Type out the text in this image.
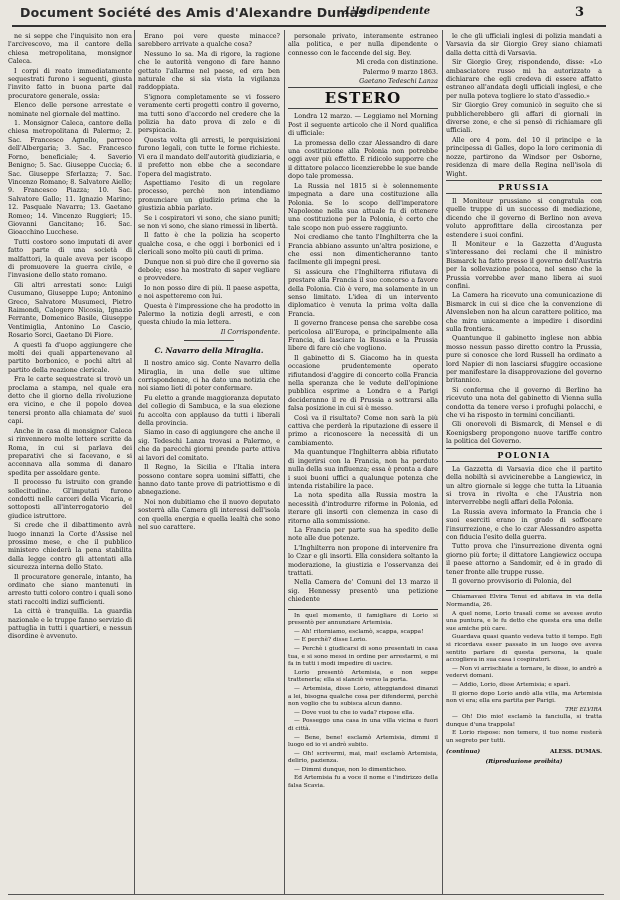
Document Société des Amis d'Alexandre Dumas
L'Indipendente	3

ne si seppe che l'inquisito non era l'arcivescovo, ma il cantore della chiesa metropolitana, monsignor Caleca.

I corpi di reato immediatamente sequestrati furono i seguenti, giusta l'invito fatto in buona parte dal procuratore generale, ossia:

Elenco delle persone arrestate e nominate nel giornale del mattino.

1. Monsignor Caleca, cantore della chiesa metropolitana di Palermo; 2. Sac. Francesco Agnello, parroco dell'Albergaria; 3. Sac. Francesco Forno, beneficiale; 4. Saverio Benigno; 5. Sac. Giuseppe Cuccia; 6. Sac. Giuseppe Sferlazza; 7. Sac. Vincenzo Romano; 8. Salvatore Aiello; 9. Francesco Piazza; 10. Sac. Salvatore Gallo; 11. Ignazio Marino; 12. Pasquale Navarra; 13. Gaetano Romeo; 14. Vincenzo Ruggieri; 15. Giovanni Gancitano; 16. Sac. Gioacchino Lucchese.

Tutti costoro sono imputati di aver fatto parte di una società di malfattori, la quale aveva per iscopo di promuovere la guerra civile, e l'invasione dello stato romano.

Gli altri arrestati sono: Luigi Cusumano, Giuseppe Lupo; Antonino Greco, Salvatore Musumeci, Pietro Raimondi, Calogero Nicosia, Ignazio Ferrante, Domenico Basile, Giuseppe Ventimiglia, Antonino Lo Cascio, Rosario Sorci, Gaetano Di Fiore.

A questi fa d'uopo aggiungere che molti dei quali appartenevano al partito borbonico, e pochi altri al partito della reazione clericale.

Fra le carte sequestrate si trovò un proclama a stampa, nel quale era detto che il giorno della rivoluzione era vicino, e che il popolo dovea tenersi pronto alla chiamata de' suoi capi.

Anche in casa di monsignor Caleca si rinvennero molte lettere scritte da Roma, in cui si parlava dei preparativi che si facevano, e si accennava alla somma di danaro spedita per assoldare gente.

Il processo fu istruito con grande sollecitudine. Gl'imputati furono condotti nelle carceri della Vicaria, e sottoposti all'interrogatorio del giudice istruttore.

Si crede che il dibattimento avrà luogo innanzi la Corte d'Assise nel prossimo mese, e che il pubblico ministero chiederà la pena stabilita dalla legge contro gli attentati alla sicurezza interna dello Stato.

Il procuratore generale, intanto, ha ordinato che siano mantenuti in arresto tutti coloro contro i quali sono stati raccolti indizi sufficienti.

La città è tranquilla. La guardia nazionale e le truppe fanno servizio di pattuglia in tutti i quartieri, e nessun disordine è avvenuto.

Erano poi vere queste minacce? sarebbero arrivate a qualche cosa?

Nessuno lo sa. Ma di rigore, la ragione che le autorità vengono di fare hanno gettato l'allarme nel paese, ed era ben naturale che si sia vista la vigilanza raddoppiata.

S'ignora completamente se vi fossero veramente certi progetti contro il governo, ma tutti sono d'accordo nel credere che la polizia ha dato prova di zelo e di perspicacia.

Questa volta gli arresti, le perquisizioni furono legali, con tutte le forme richieste. Vi era il mandato dell'autorità giudiziaria, e il prefetto non ebbe che a secondare l'opera del magistrato.

Aspettiamo l'esito di un regolare processo, perchè non intendiamo pronunciare un giudizio prima che la giustizia abbia parlato.

Se i cospiratori vi sono, che siano puniti; se non vi sono, che siano rimessi in libertà.

Il fatto è che la polizia ha scoperto qualche cosa, e che oggi i borbonici ed i clericali sono molto più cauti di prima.

Dunque non si può dire che il governo sia debole; esso ha mostrato di saper vegliare e provvedere.

Io non posso dire di più. Il paese aspetta, e noi aspetteremo con lui.

Questa è l'impressione che ha prodotto in Palermo la notizia degli arresti, e con questa chiudo la mia lettera.

Il Corrispondente.
C. Navarro della Miraglia.

Il nostro amico sig. Conte Navarro della Miraglia, in una delle sue ultime corrispondenze, ci ha dato una notizia che noi siamo lieti di poter confermare.

Fu eletto a grande maggioranza deputato del collegio di Sambuca, e la sua elezione fu accolta con applauso da tutti i liberali della provincia.

Siamo in caso di aggiungere che anche il sig. Tedeschi Lanza trovasi a Palermo, e che da parecchi giorni prende parte attiva ai lavori del comitato.

Il Regno, la Sicilia e l'Italia intera possono contare sopra uomini siffatti, che hanno dato tante prove di patriottismo e di abnegazione.

Noi non dubitiamo che il nuovo deputato sosterrà alla Camera gli interessi dell'isola con quella energia e quella lealtà che sono nel suo carattere.

personale privato, interamente estraneo alla politica, e per nulla dipendente o connesso con le faccende del sig. Bey.

Mi creda con distinzione.

Palermo 9 marzo 1863.

Gaetano Tedeschi Lanza
ESTERO

Londra 12 marzo. — Leggiamo nel Morning Post il seguente articolo che il Nord qualifica di ufficiale:

La promessa dello czar Alessandro di dare una costituzione alla Polonia non potrebbe oggi aver più effetto. È ridicolo supporre che il dittatore polacco licenzierebbe le sue bande dopo tale promessa.

La Russia nel 1815 si è solennemente impegnata a dare una costituzione alla Polonia. Se lo scopo dell'imperatore Napoleone nella sua attuale fu di ottenere una costituzione per la Polonia, è certo che tale scopo non può essere raggiunto.

Noi crediamo che tanto l'Inghilterra che la Francia abbiano assunto un'altra posizione, e che essi non dimenticheranno tanto facilmente gli impegni presi.

Si assicura che l'Inghilterra rifiutava di prestare alla Francia il suo concorso a favore della Polonia. Ciò è vero, ma solamente in un senso limitato. L'idea di un intervento diplomatico è venuta la prima volta dalla Francia.

Il governo francese pensa che sarebbe cosa pericolosa all'Europa, e principalmente alla Francia, di lasciare la Russia e la Prussia libere di fare ciò che vogliono.

Il gabinetto di S. Giacomo ha in questa occasione prudentemente operato rifiutandosi d'aggire di concerto colla Francia nella speranza che le vedute dell'opinione pubblica esprime a Londra e a Parigi decideranno il re di Prussia a sottrarsi alla falsa posizione in cui si è messo.

Così va il risultato? Come non sarà la più cattiva che perderà la riputazione di essere il primo a riconoscere la necessità di un cambiamento.

Ma quantunque l'Inghilterra abbia rifiutato di ingerirsi con la Francia, non ha perduto nulla della sua influenza; essa è pronta a dare i suoi buoni uffici a qualunque potenza che intenda ristabilire la pace.

La nota spedita alla Russia mostra la necessità d'introdurre riforme in Polonia, ed iterare gli insorti con clemenza in caso di ritorno alla sommissione.

La Francia per parte sua ha spedito delle note alle due potenze.

L'Inghilterra non propone di intervenire fra lo Czar e gli insorti. Ella considera soltanto la moderazione, la giustizia e l'osservanza dei trattati.

Nella Camera de' Comuni del 13 marzo il sig. Hennessy presentò una petizione chiedente

In quel momento, il famigliare di Lorio si presentò per annunziare Artemisia.

— Ah! ritorniamo, esclamò, scappa, scappa!

— E perchè? disse Lorio.

— Perchè i giudicarsi di sono presentati in casa tua, e si sono messi in ordine per arrestarmi, e mi fa in tutti i modi impedire di uscire.

Lorio presentò Artemisia, e non seppe trattenerla; ella si slanciò verso la porta.

— Artemisia, disse Lorio, atteggiandosi dinanzi a lei, bisogna qualche cosa per difendermi, perchè non voglio che tu subisca alcun danno.

— Dove vuoi tu che io vada? rispose ella.

— Posseggo una casa in una villa vicina e fuori di città.

— Bene, bene! esclamò Artemisia, dimmi il luogo ed io vi andrò subito.

— Oh! scrivermi, mai, mai! esclamò Artemisia, delirio, pazienza.

— Dimmi dunque, non lo dimenticheo.

Ed Artemisia fu a voce il nome e l'indirizzo della falsa Scavia.

le che gli ufficiali inglesi di polizia mandati a Varsavia da sir Giorgio Grey siano chiamati dalla detta città di Varsavia.

Sir Giorgio Grey, rispondendo, disse: «Lo ambasciatore russo mi ha autorizzato a dichiarare che egli credeva di essere affatto estraneo all'andata degli ufficiali inglesi, e che per nulla poteva togliere lo stato d'assedio.»

Sir Giorgio Grey comunicò in seguito che si pubblicherebbero gli affari di giornali in diverse zone, e che si pensò di richiamare gli ufficiali.

Alle ore 4 pom. del 10 il principe e la principessa di Galles, dopo la loro cerimonia di nozze, partirono da Windsor per Osborne, residenza di mare della Regina nell'isola di Wight.

PRUSSIA

Il Moniteur prussiano si congratula con quelle truppe di un successo di mediazione, dicendo che il governo di Berlino non aveva voluto approfittare della circostanza per estendere i suoi confini.

Il Moniteur e la Gazzetta d'Augusta s'interessano dei reclami che il ministro Bismarck ha fatto presso il governo dell'Austria per la sollevazione polacca, nel senso che la Prussia vorrebbe aver mano libera ai suoi confini.

La Camera ha ricevuto una comunicazione di Bismarck in cui si dice che la convenzione di Alvensleben non ha alcun carattere politico, ma che mira unicamente a impedire i disordini sulla frontiera.

Quantunque il gabinetto inglese non abbia mosso nessun passo diretto contro la Prussia, pure si conosce che lord Russell ha ordinato a lord Napier di non lasciarsi sfuggire occasione per manifestare la disapprovazione del governo britannico.

Si conferma che il governo di Berlino ha ricevuto una nota del gabinetto di Vienna sulla condotta da tenere verso i profughi polacchi, e che vi ha risposto in termini concilianti.

Gli onorevoli di Bismarck, di Mensel e di Koenigsberg propongono nuove tariffe contro la politica del Governo.

POLONIA

La Gazzetta di Varsavia dice che il partito della nobiltà si avvicinerebbe a Langiewicz, in un altro giornale si legge che tutta la Lituania si trova in rivolta e che l'Austria non interverrebbe negli affari della Polonia.

La Russia aveva informato la Francia che i suoi eserciti erano in grado di soffocare l'insurrezione, e che lo czar Alessandro aspetta con fiducia l'esito della guerra.

Tutto prova che l'insurrezione diventa ogni giorno più forte; il dittatore Langiewicz occupa il paese attorno a Sandomir, ed è in grado di tener fronte alle truppe russe.

Il governo provvisorio di Polonia, del

Chiamavasi Elvira Tenui ed abitava in via della Normandia, 26.

A quel nome, Lorio trasalì come se avesse avuto una puntura, e le fu detto che questa era una delle sue amiche più care.

Guardava quasi quanto vedeva tutto il tempo. Egli si ricordava esser passato in un luogo ove aveva sentito parlare di questa persona, la quale accoglieva in sua casa i cospiratori.

— Non vi arrischiate a tornare, le disse, io andrò a vedervi domani.

— Addio, Lorio, disse Artemisia; e sparì.

Il giorno dopo Lorio andò alla villa, ma Artemisia non vi era; ella era partita per Parigi.

TRE ELVIRA

— Oh! Dio mio! esclamò la fanciulla, si tratta dunque d'una trappola!

E Lorio rispose: non temere, il tuo nome resterà un segreto per tutti.

(continua)	ALESS. DUMAS.
(Riproduzione proibita)
